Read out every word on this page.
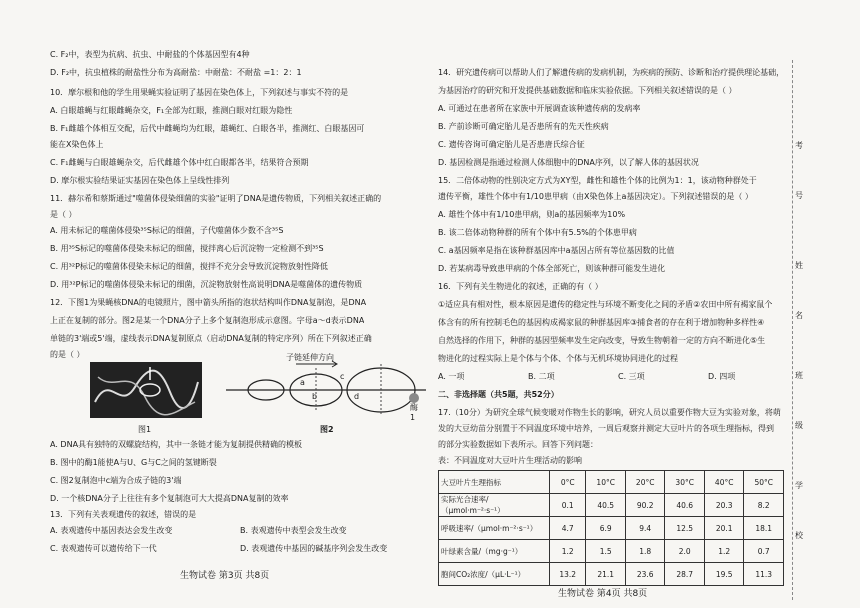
C. F₂中，表型为抗病、抗虫、中耐盐的个体基因型有4种
D. F₂中，抗虫植株的耐盐性分布为高耐盐：中耐盐：不耐盐 =1：2：1
10．摩尔根和他的学生用果蝇实验证明了基因在染色体上，下列叙述与事实不符的是
A. 白眼雄蝇与红眼雌蝇杂交，F₁全部为红眼，推测白眼对红眼为隐性
B. F₁雌雄个体相互交配，后代中雌蝇均为红眼，雄蝇红、白眼各半，推测红、白眼基因可
能在X染色体上
C. F₁雌蝇与白眼雄蝇杂交，后代雌雄个体中红白眼都各半，结果符合预期
D. 摩尔根实验结果证实基因在染色体上呈线性排列
11．赫尔希和蔡斯通过"噬菌体侵染细菌的实验"证明了DNA是遗传物质，下列相关叙述正确的
是（ ）
A. 用未标记的噬菌体侵染³⁵S标记的细菌，子代噬菌体少数不含³⁵S
B. 用³⁵S标记的噬菌体侵染未标记的细菌，搅拌离心后沉淀物一定检测不到³⁵S
C. 用³²P标记的噬菌体侵染未标记的细菌，搅拌不充分会导致沉淀物放射性降低
D. 用³²P标记的噬菌体侵染未标记的细菌，沉淀物放射性高说明DNA是噬菌体的遗传物质
12．下图1为果蝇核DNA的电镜照片，图中箭头所指的泡状结构叫作DNA复制泡，是DNA
上正在复制的部分。图2是某一个DNA分子上多个复制泡形成示意图。字母a～d表示DNA
单链的3'端或5'端，虚线表示DNA复制原点（启动DNA复制的特定序列）所在下列叙述正确
的是（ ）
图1
子链延伸方向
a
b
c
d
酶1
图2
A. DNA具有独特的双螺旋结构，其中一条链才能为复制提供精确的模板
B. 图中的酶1能使A与U、G与C之间的氢键断裂
C. 图2复制泡中c端为合成子链的3'端
D. 一个核DNA分子上往往有多个复制泡可大大提高DNA复制的效率
13．下列有关表观遗传的叙述，错误的是
A. 表观遗传中基因表达会发生改变	B. 表观遗传中表型会发生改变
C. 表观遗传可以遗传给下一代	D. 表观遗传中基因的碱基序列会发生改变
生物试卷 第3页 共8页
14．研究遗传病可以帮助人们了解遗传病的发病机制，为疾病的预防、诊断和治疗提供理论基础，
为基因治疗的研究和开发提供基础数据和临床实验依据。下列相关叙述错误的是（ ）
A. 可通过在患者所在家族中开展调查该种遗传病的发病率
B. 产前诊断可确定胎儿是否患所有的先天性疾病
C. 遗传咨询可确定胎儿是否患唐氏综合征
D. 基因检测是指通过检测人体细胞中的DNA序列，以了解人体的基因状况
15．二倍体动物的性别决定方式为XY型，雌性和雄性个体的比例为1：1，该动物种群处于
遗传平衡，雄性个体中有1/10患甲病（由X染色体上a基因决定）。下列叙述错误的是（ ）
A. 雄性个体中有1/10患甲病，则a的基因频率为10%
B. 该二倍体动物种群的所有个体中有5.5%的个体患甲病
C. a基因频率是指在该种群基因库中a基因占所有等位基因数的比值
D. 若某病毒导致患甲病的个体全部死亡，则该种群可能发生进化
16．下列有关生物进化的叙述，正确的有（ ）
①适应具有相对性，根本原因是遗传的稳定性与环境不断变化之间的矛盾②农田中所有褐家鼠个
体含有的所有控制毛色的基因构成褐家鼠的种群基因库③捕食者的存在利于增加物种多样性④
自然选择的作用下，种群的基因型频率发生定向改变，导致生物朝着一定的方向不断进化⑤生
物进化的过程实际上是个体与个体、个体与无机环境协同进化的过程
A. 一项	B. 二项	C. 三项	D. 四项
二、非选择题（共5题，共52分）
17.（10分）为研究全球气候变暖对作物生长的影响，研究人员以重要作物大豆为实验对象，将萌
发的大豆幼苗分别置于不同温度环境中培养，一周后观察并测定大豆叶片的各项生理指标，得到
的部分实验数据如下表所示。回答下列问题：
表：不同温度对大豆叶片生理活动的影响
大豆叶片生理指标	0°C	10°C	20°C	30°C	40°C	50°C
实际光合速率/（μmol·m⁻²·s⁻¹）	0.1	40.5	90.2	40.6	20.3	8.2
呼吸速率/（μmol·m⁻²·s⁻¹）	4.7	6.9	9.4	12.5	20.1	18.1
叶绿素含量/（mg·g⁻¹）	1.2	1.5	1.8	2.0	1.2	0.7
胞间CO₂浓度/（μL·L⁻¹）	13.2	21.1	23.6	28.7	19.5	11.3
生物试卷 第4页 共8页
考
号
姓
名
班
级
学
校
